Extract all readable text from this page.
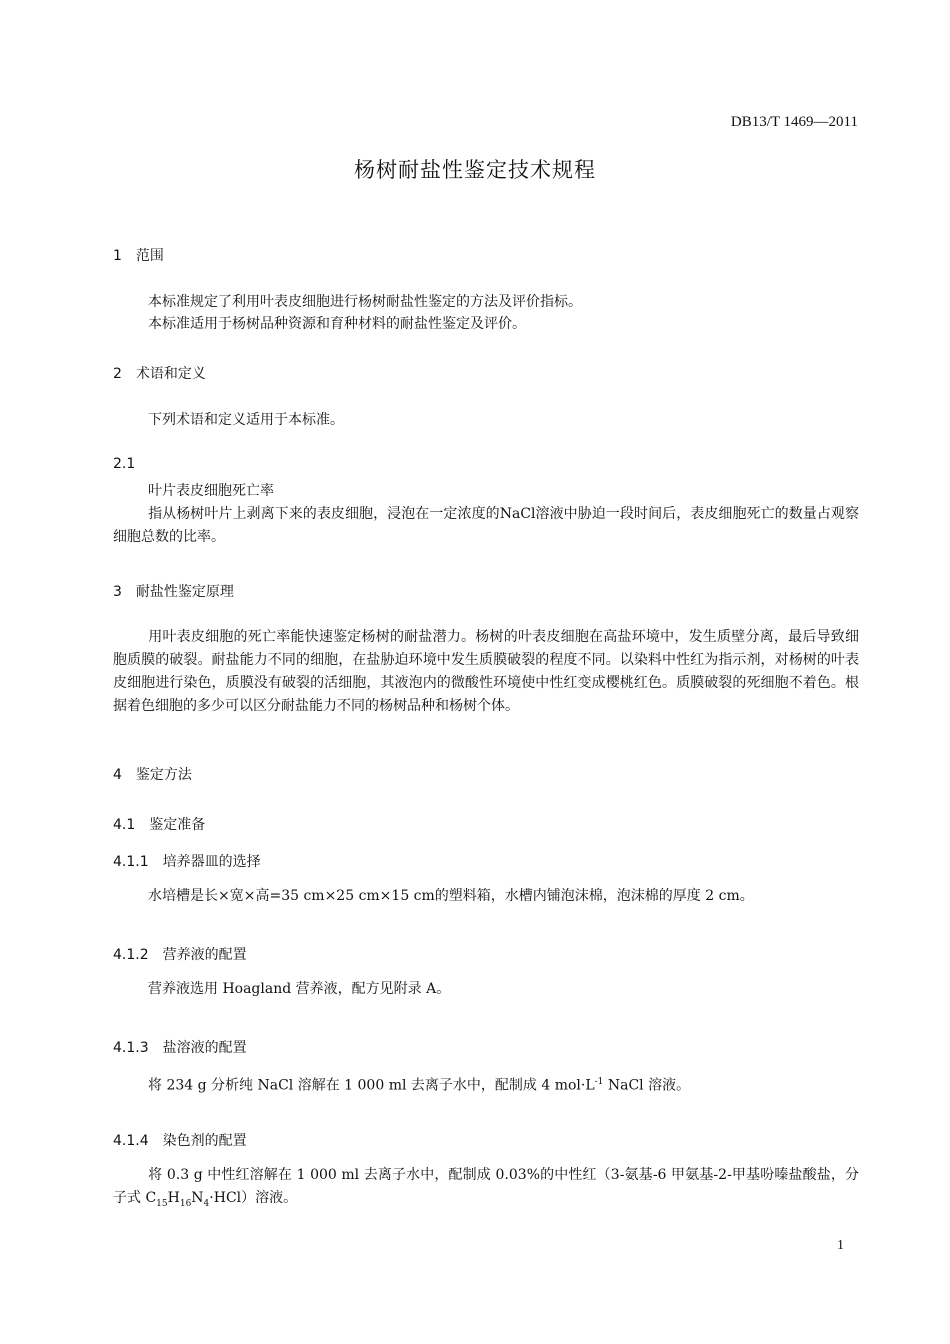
DB13/T 1469—2011
杨树耐盐性鉴定技术规程
1 范围
本标准规定了利用叶表皮细胞进行杨树耐盐性鉴定的方法及评价指标。
本标准适用于杨树品种资源和育种材料的耐盐性鉴定及评价。
2 术语和定义
下列术语和定义适用于本标准。
2.1
叶片表皮细胞死亡率
指从杨树叶片上剥离下来的表皮细胞，浸泡在一定浓度的NaCl溶液中胁迫一段时间后，表皮细胞死亡的数量占观察细胞总数的比率。
3 耐盐性鉴定原理
用叶表皮细胞的死亡率能快速鉴定杨树的耐盐潜力。杨树的叶表皮细胞在高盐环境中，发生质壁分离，最后导致细胞质膜的破裂。耐盐能力不同的细胞，在盐胁迫环境中发生质膜破裂的程度不同。以染料中性红为指示剂，对杨树的叶表皮细胞进行染色，质膜没有破裂的活细胞，其液泡内的微酸性环境使中性红变成樱桃红色。质膜破裂的死细胞不着色。根据着色细胞的多少可以区分耐盐能力不同的杨树品种和杨树个体。
4 鉴定方法
4.1 鉴定准备
4.1.1 培养器皿的选择
水培槽是长×宽×高=35 cm×25 cm×15 cm的塑料箱，水槽内铺泡沫棉，泡沫棉的厚度 2 cm。
4.1.2 营养液的配置
营养液选用 Hoagland 营养液，配方见附录 A。
4.1.3 盐溶液的配置
将 234 g 分析纯 NaCl 溶解在 1 000 ml 去离子水中，配制成 4 $mol\cdot L^{-1}$ NaCl 溶液。
4.1.4 染色剂的配置
将 0.3 g 中性红溶解在 1 000 ml 去离子水中，配制成 0.03%的中性红（3-氨基-6 甲氨基-2-甲基吩嗪盐酸盐，分子式 $C_{15}H_{16}N_4\cdot HCl$）溶液。
1
